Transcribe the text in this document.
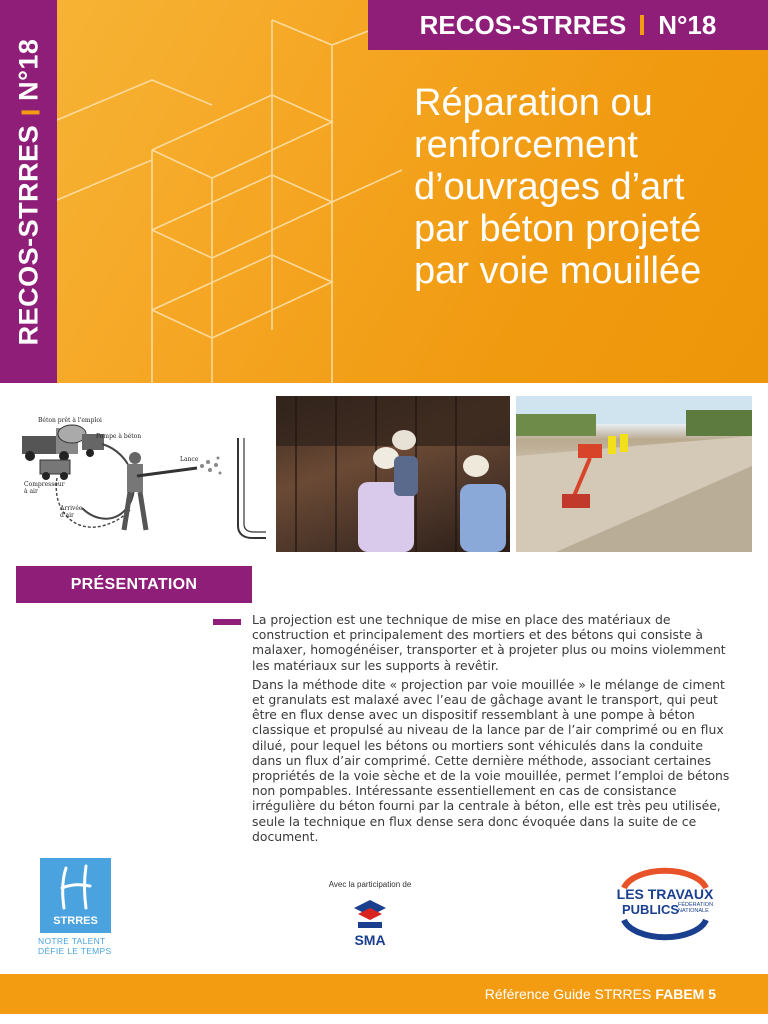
RECOS-STRRESN°18
RECOS-STRRES N°18
Réparation ou
renforcement
d’ouvrages d’art
par béton projeté
par voie mouillée
Béton prêt à l'emploi
Pompe à béton
Compresseur à air
Arrivée d'air
Lance
PRÉSENTATION

La projection est une technique de mise en place des matériaux de construction et principalement des mortiers et des bétons qui consiste à malaxer, homogénéiser, transporter et à projeter plus ou moins violemment les matériaux sur les supports à revêtir.

Dans la méthode dite « projection par voie mouillée » le mélange de ciment et granulats est malaxé avec l’eau de gâchage avant le transport, qui peut être en flux dense avec un dispositif ressemblant à une pompe à béton classique et propulsé au niveau de la lance par de l’air comprimé ou en flux dilué, pour lequel les bétons ou mortiers sont véhiculés dans la conduite dans un flux d’air comprimé. Cette dernière méthode, associant certaines propriétés de la voie sèche et de la voie mouillée, permet l’emploi de bétons non pompables. Intéressante essentiellement en cas de consistance irrégulière du béton fourni par la centrale à béton, elle est très peu utilisée, seule la technique en flux dense sera donc évoquée dans la suite de ce document.

STRRES
NOTRE TALENT
DÉFIE LE TEMPS
Avec la participation de
SMA
LES TRAVAUX
PUBLICS
FÉDÉRATION NATIONALE
Référence Guide STRRES FABEM 5
